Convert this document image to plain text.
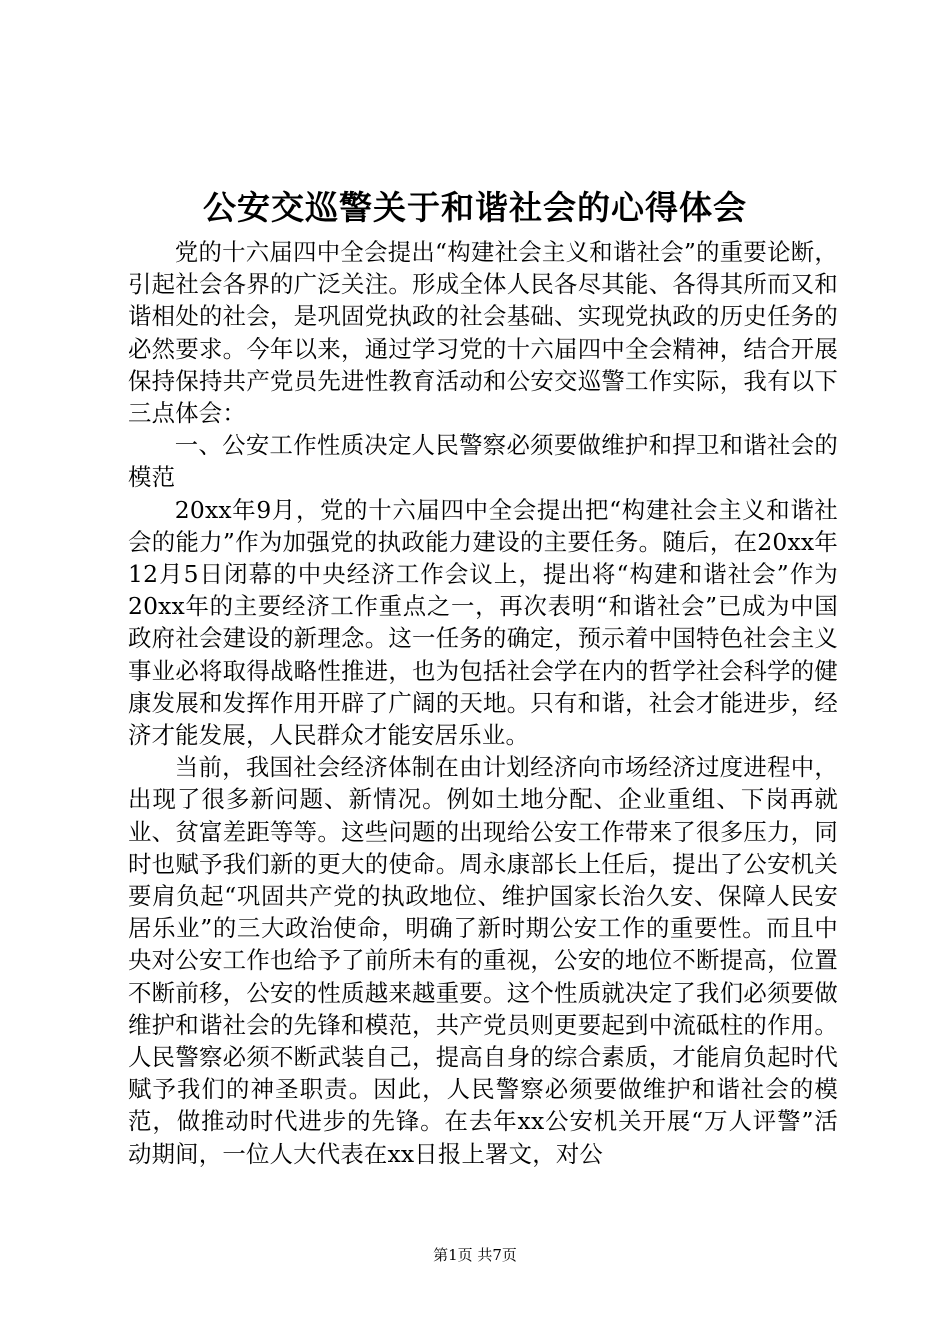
公安交巡警关于和谐社会的心得体会

党的十六届四中全会提出“构建社会主义和谐社会”的重要论断，引起社会各界的广泛关注。形成全体人民各尽其能、各得其所而又和谐相处的社会，是巩固党执政的社会基础、实现党执政的历史任务的必然要求。今年以来，通过学习党的十六届四中全会精神，结合开展保持保持共产党员先进性教育活动和公安交巡警工作实际，我有以下三点体会：

一、公安工作性质决定人民警察必须要做维护和捍卫和谐社会的模范

20xx年9月，党的十六届四中全会提出把“构建社会主义和谐社会的能力”作为加强党的执政能力建设的主要任务。随后，在20xx年12月5日闭幕的中央经济工作会议上，提出将“构建和谐社会”作为20xx年的主要经济工作重点之一，再次表明“和谐社会”已成为中国政府社会建设的新理念。这一任务的确定，预示着中国特色社会主义事业必将取得战略性推进，也为包括社会学在内的哲学社会科学的健康发展和发挥作用开辟了广阔的天地。只有和谐，社会才能进步，经济才能发展，人民群众才能安居乐业。

当前，我国社会经济体制在由计划经济向市场经济过度进程中，出现了很多新问题、新情况。例如土地分配、企业重组、下岗再就业、贫富差距等等。这些问题的出现给公安工作带来了很多压力，同时也赋予我们新的更大的使命。周永康部长上任后，提出了公安机关要肩负起“巩固共产党的执政地位、维护国家长治久安、保障人民安居乐业”的三大政治使命，明确了新时期公安工作的重要性。而且中央对公安工作也给予了前所未有的重视，公安的地位不断提高，位置不断前移，公安的性质越来越重要。这个性质就决定了我们必须要做维护和谐社会的先锋和模范，共产党员则更要起到中流砥柱的作用。人民警察必须不断武装自己，提高自身的综合素质，才能肩负起时代赋予我们的神圣职责。因此，人民警察必须要做维护和谐社会的模范，做推动时代进步的先锋。在去年xx公安机关开展“万人评警”活动期间，一位人大代表在xx日报上署文，对公

第1页 共7页
